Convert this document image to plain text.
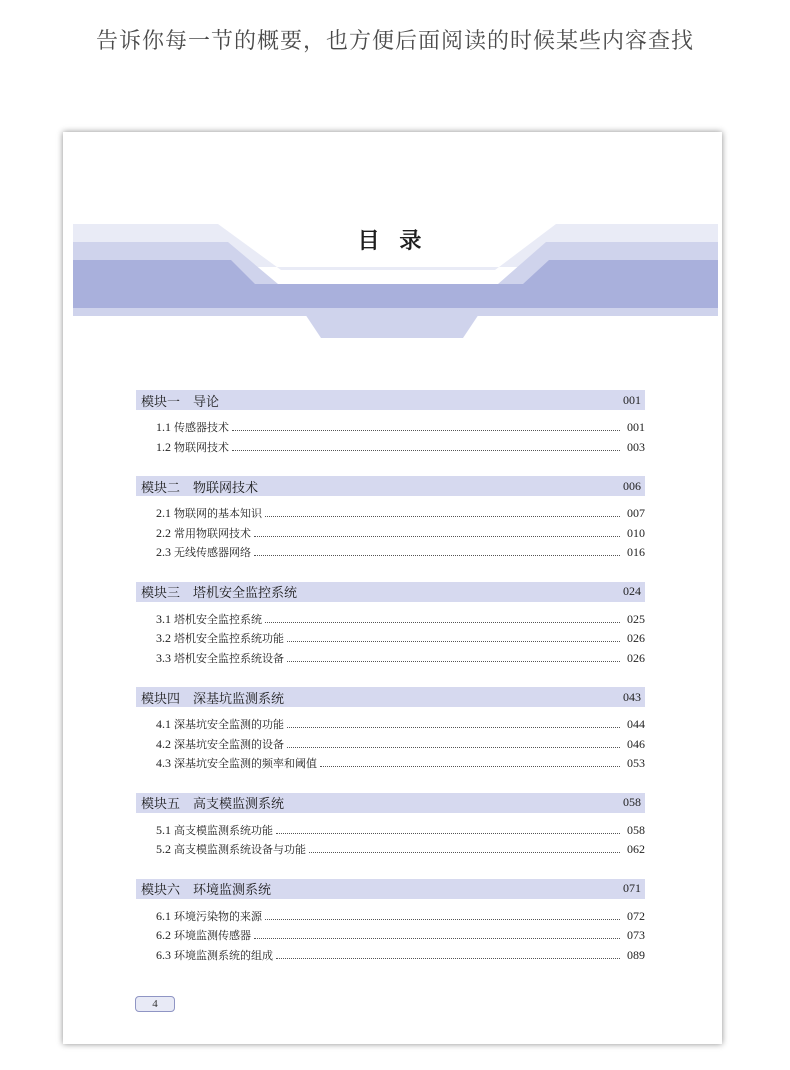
告诉你每一节的概要，也方便后面阅读的时候某些内容查找
目 录
模块一　导论	001
1.1 传感器技术	001
1.2 物联网技术	003
模块二　物联网技术	006
2.1 物联网的基本知识	007
2.2 常用物联网技术	010
2.3 无线传感器网络	016
模块三　塔机安全监控系统	024
3.1 塔机安全监控系统	025
3.2 塔机安全监控系统功能	026
3.3 塔机安全监控系统设备	026
模块四　深基坑监测系统	043
4.1 深基坑安全监测的功能	044
4.2 深基坑安全监测的设备	046
4.3 深基坑安全监测的频率和阈值	053
模块五　高支模监测系统	058
5.1 高支模监测系统功能	058
5.2 高支模监测系统设备与功能	062
模块六　环境监测系统	071
6.1 环境污染物的来源	072
6.2 环境监测传感器	073
6.3 环境监测系统的组成	089
4
